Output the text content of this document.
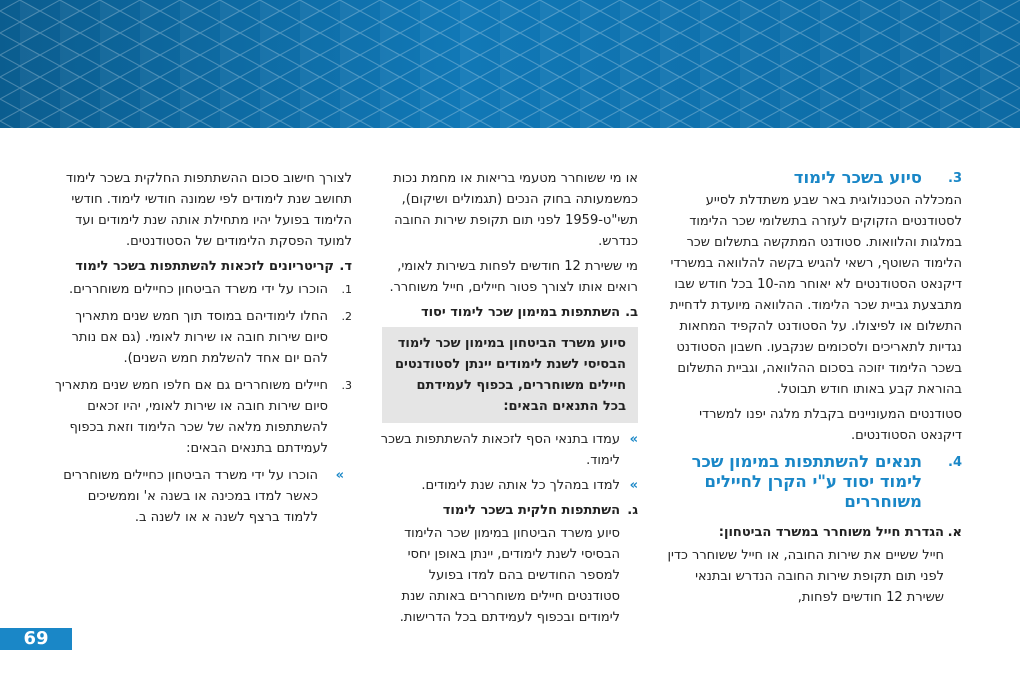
3.
סיוע בשכר לימוד

המכללה הטכנולוגית באר שבע משתדלת לסייע לסטודנטים הזקוקים לעזרה בתשלומי שכר הלימוד במלגות והלוואות. סטודנט המתקשה בתשלום שכר הלימוד השוטף, רשאי להגיש בקשה להלוואה במשרדי דיקנאט הסטודנטים לא יאוחר מה-10 בכל חודש שבו מתבצעת גביית שכר הלימוד. ההלוואה מיועדת לדחיית התשלום או לפיצולו. על הסטודנט להקפיד המחאות נגדיות לתאריכים ולסכומים שנקבעו. חשבון הסטודנט בשכר הלימוד יזוכה בסכום ההלוואה, וגביית התשלום בהוראת קבע באותו חודש תבוטל.

סטודנטים המעוניינים בקבלת מלגה יפנו למשרדי דיקנאט הסטודנטים.

4.
תנאים להשתתפות במימון שכר לימוד יסוד ע"י הקרן לחיילים משוחררים
א.
הגדרת חייל משוחרר במשרד הביטחון:

חייל ששיים את שירות החובה, או חייל ששוחרר כדין לפני תום תקופת שירות החובה הנדרש ובתנאי ששירת 12 חודשים לפחות,

או מי ששוחרר מטעמי בריאות או מחמת נכות כמשמעותה בחוק הנכים (תגמולים ושיקום), תשי"ט-1959 לפני תום תקופת שירות החובה כנדרש.

מי ששירת 12 חודשים לפחות בשירות לאומי, רואים אותו לצורך פטור חיילים, חייל משוחרר.

ב.
השתתפות במימון שכר לימוד יסוד
סיוע משרד הביטחון במימון שכר לימוד הבסיסי לשנת לימודים יינתן לסטודנטים חיילים משוחררים, בכפוף לעמידתם בכל התנאים הבאים:
»
עמדו בתנאי הסף לזכאות להשתתפות בשכר לימוד.
»
למדו במהלך כל אותה שנת לימודים.
ג.
השתתפות חלקית בשכר לימוד

סיוע משרד הביטחון במימון שכר הלימוד הבסיסי לשנת לימודים, יינתן באופן יחסי למספר החודשים בהם למדו בפועל סטודנטים חיילים משוחררים באותה שנת לימודים ובכפוף לעמידתם בכל הדרישות.

לצורך חישוב סכום ההשתתפות החלקית בשכר לימוד תחושב שנת לימודים לפי שמונה חודשי לימוד. חודשי הלימוד בפועל יהיו מתחילת אותה שנת לימודים ועד למועד הפסקת הלימודים של הסטודנטים.

ד.
קריטריונים לזכאות להשתתפות בשכר לימוד
1.
הוכרו על ידי משרד הביטחון כחיילים משוחררים.
2.
החלו לימודיהם במוסד תוך חמש שנים מתאריך סיום שירות חובה או שירות לאומי. (גם אם נותר להם יום אחד להשלמת חמש השנים).
3.
חיילים משוחררים גם אם חלפו חמש שנים מתאריך סיום שירות חובה או שירות לאומי, יהיו זכאים להשתתפות מלאה של שכר הלימוד וזאת בכפוף לעמידתם בתנאים הבאים:
»
הוכרו על ידי משרד הביטחון כחיילים משוחררים כאשר למדו במכינה או בשנה א' וממשיכים ללמוד ברצף לשנה א או לשנה ב.
69
